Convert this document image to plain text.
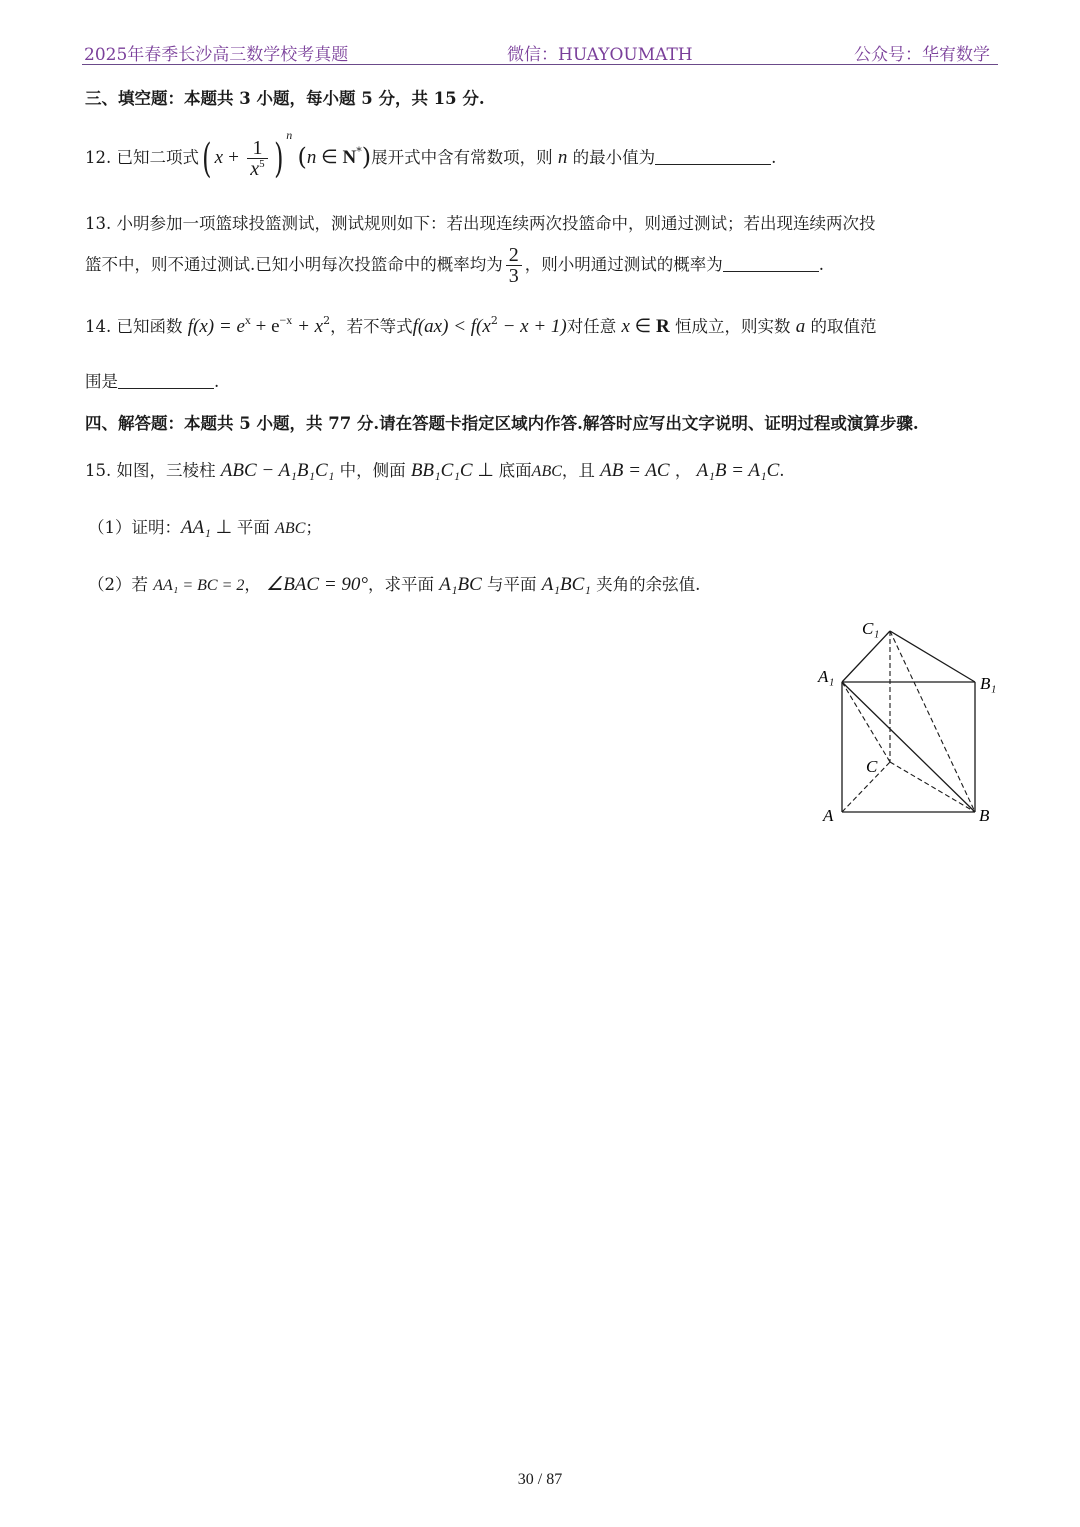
2025年春季长沙高三数学校考真题	微信：HUAYOUMATH	公众号：华宥数学
三、填空题：本题共 3 小题，每小题 5 分，共 15 分.
12. 已知二项式( $x + \frac{1}{x^5} )^n$ (n ∈ N*)展开式中含有常数项，则 n 的最小值为	.
13. 小明参加一项篮球投篮测试，测试规则如下：若出现连续两次投篮命中，则通过测试；若出现连续两次投
篮不中，则不通过测试.已知小明每次投篮命中的概率均为 $\frac{2}{3}$ ，则小明通过测试的概率为	.
14. 已知函数 $f(x) = e^x + e^{-x} + x^2$，若不等式$f(ax) < f(x^2 - x + 1)$对任意 x ∈ R 恒成立，则实数 a 的取值范
围是	.
四、解答题：本题共 5 小题，共 77 分.请在答题卡指定区域内作答.解答时应写出文字说明、证明过程或演算步骤.
15. 如图，三棱柱 ABC − A₁B₁C₁ 中，侧面 BB₁C₁C ⊥ 底面ABC，且 AB = AC ， A₁B = A₁C.
（1）证明：AA₁ ⊥ 平面 ABC；
（2）若 AA₁ = BC = 2， ∠BAC = 90°，求平面 A₁BC 与平面 A₁BC₁ 夹角的余弦值.
C₁
A₁	B₁
C
A	B
30 / 87
